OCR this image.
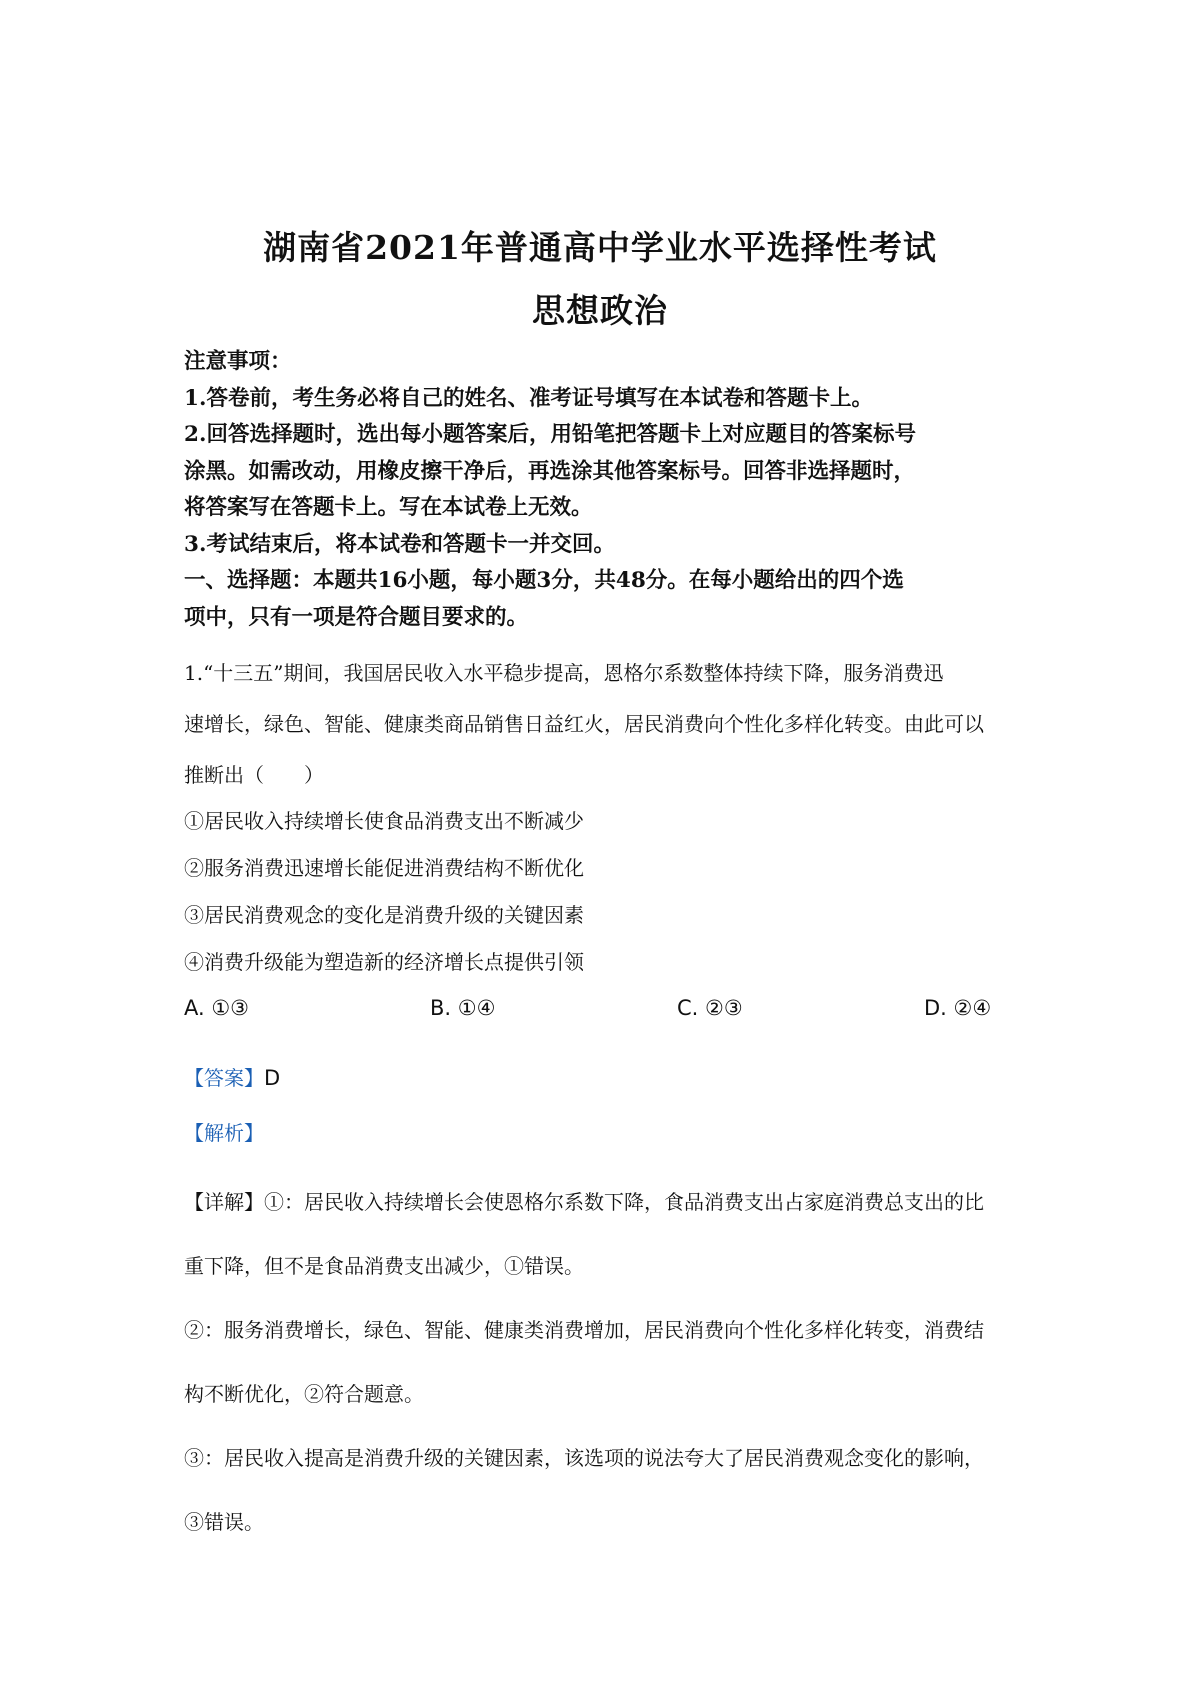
湖南省2021年普通高中学业水平选择性考试
思想政治
注意事项：
1.答卷前，考生务必将自己的姓名、准考证号填写在本试卷和答题卡上。
2.回答选择题时，选出每小题答案后，用铅笔把答题卡上对应题目的答案标号
涂黑。如需改动，用橡皮擦干净后，再选涂其他答案标号。回答非选择题时，
将答案写在答题卡上。写在本试卷上无效。
3.考试结束后，将本试卷和答题卡一并交回。
一、选择题：本题共16小题，每小题3分，共48分。在每小题给出的四个选
项中，只有一项是符合题目要求的。
1.“十三五”期间，我国居民收入水平稳步提高，恩格尔系数整体持续下降，服务消费迅
速增长，绿色、智能、健康类商品销售日益红火，居民消费向个性化多样化转变。由此可以
推断出（　　）
①居民收入持续增长使食品消费支出不断减少
②服务消费迅速增长能促进消费结构不断优化
③居民消费观念的变化是消费升级的关键因素
④消费升级能为塑造新的经济增长点提供引领
A. ①③	B. ①④	C. ②③	D. ②④
【答案】D
【解析】
【详解】①：居民收入持续增长会使恩格尔系数下降，食品消费支出占家庭消费总支出的比
重下降，但不是食品消费支出减少，①错误。
②：服务消费增长，绿色、智能、健康类消费增加，居民消费向个性化多样化转变，消费结
构不断优化，②符合题意。
③：居民收入提高是消费升级的关键因素，该选项的说法夸大了居民消费观念变化的影响，
③错误。
